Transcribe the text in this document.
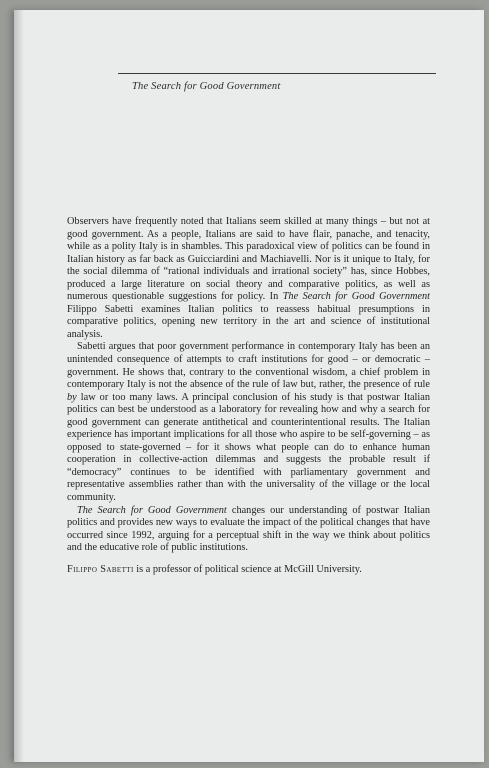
The Search for Good Government

Observers have frequently noted that Italians seem skilled at many things – but not at good government. As a people, Italians are said to have flair, panache, and tenacity, while as a polity Italy is in shambles. This paradoxical view of politics can be found in Italian history as far back as Guicciardini and Machiavelli. Nor is it unique to Italy, for the social dilemma of “rational individuals and irrational society” has, since Hobbes, produced a large literature on social theory and comparative politics, as well as numerous questionable suggestions for policy. In The Search for Good Government Filippo Sabetti examines Italian politics to reassess habitual presumptions in comparative politics, opening new territory in the art and science of institutional analysis.

Sabetti argues that poor government performance in contemporary Italy has been an unintended consequence of attempts to craft institutions for good – or democratic – government. He shows that, contrary to the conventional wisdom, a chief problem in contemporary Italy is not the absence of the rule of law but, rather, the presence of rule by law or too many laws. A principal conclusion of his study is that postwar Italian politics can best be understood as a laboratory for revealing how and why a search for good government can generate antithetical and counterintentional results. The Italian experience has important implications for all those who aspire to be self-governing – as opposed to state-governed – for it shows what people can do to enhance human cooperation in collective-action dilemmas and suggests the probable result if “democracy” continues to be identified with parliamentary government and representative assemblies rather than with the universality of the village or the local community.

The Search for Good Government changes our understanding of postwar Italian politics and provides new ways to evaluate the impact of the political changes that have occurred since 1992, arguing for a perceptual shift in the way we think about politics and the educative role of public institutions.

Filippo Sabetti is a professor of political science at McGill University.
